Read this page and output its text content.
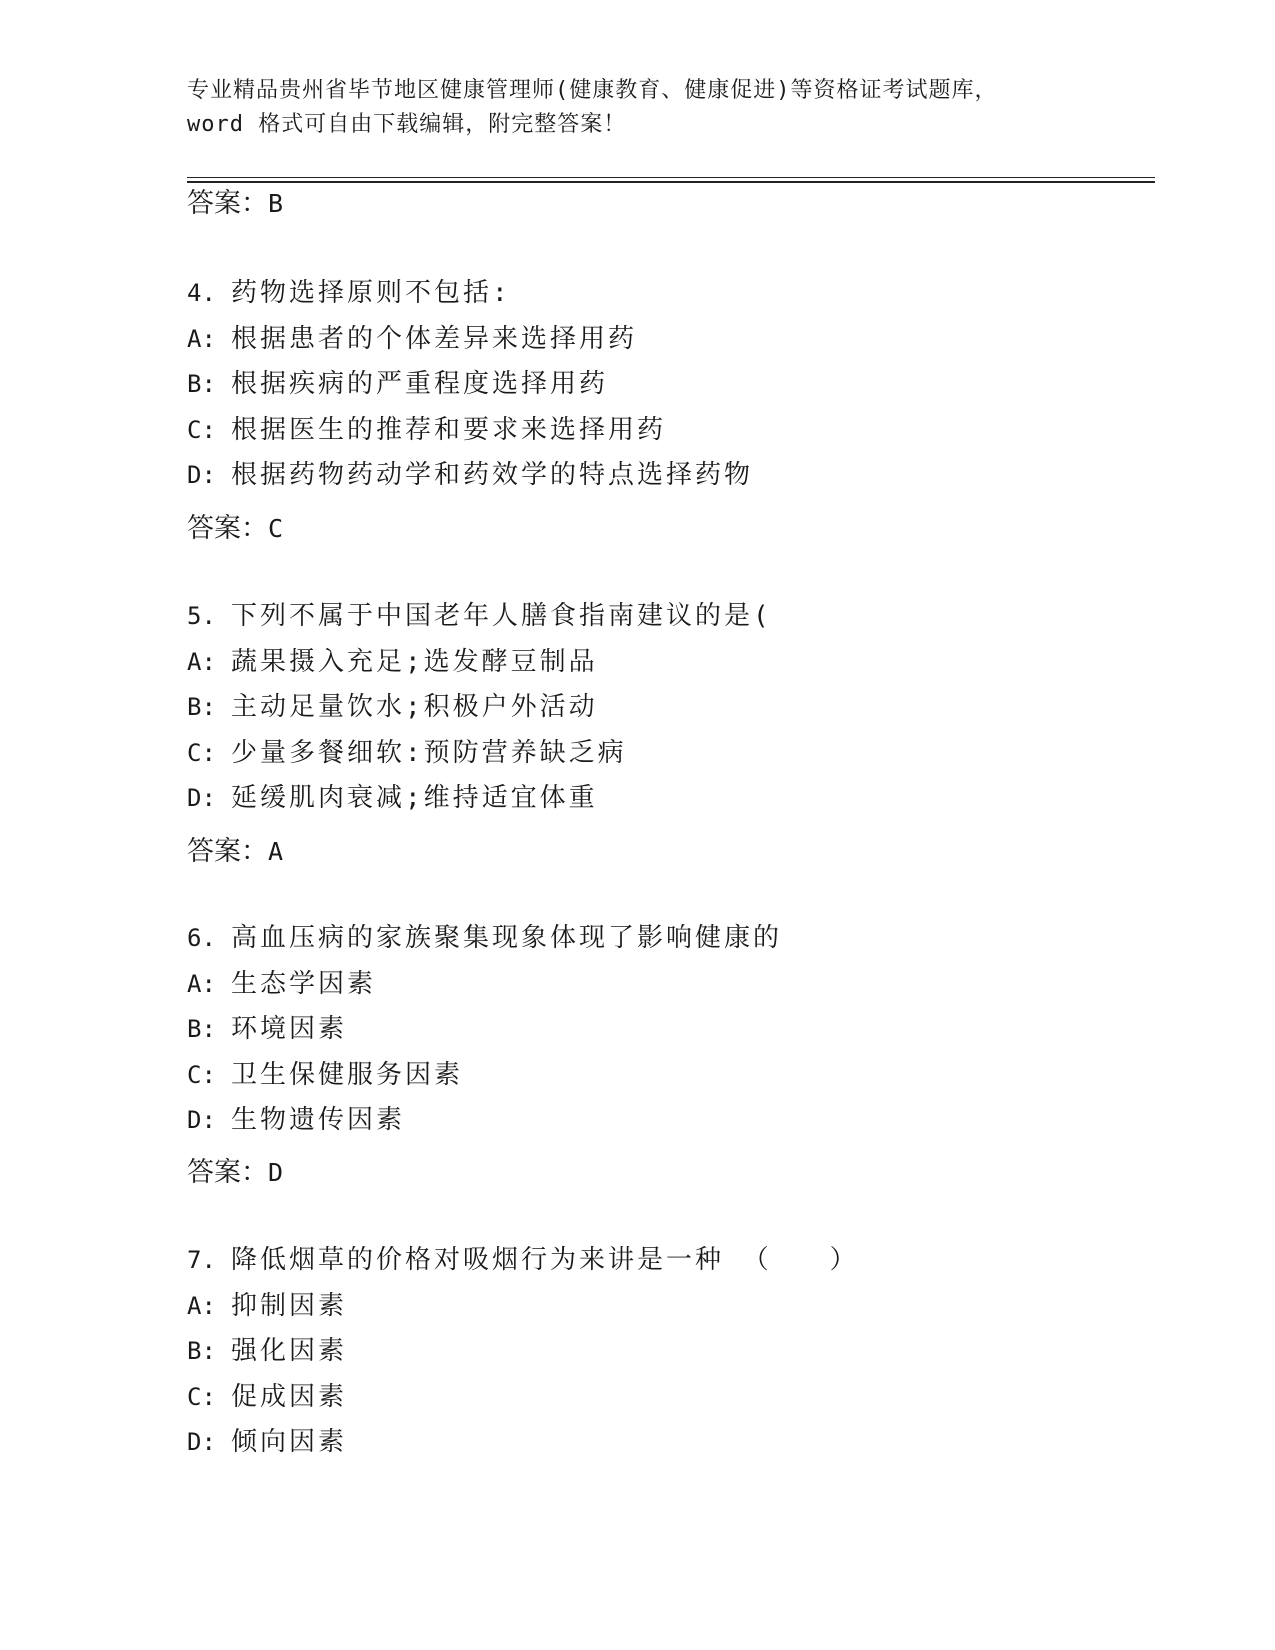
专业精品贵州省毕节地区健康管理师(健康教育、健康促进)等资格证考试题库，
word 格式可自由下载编辑，附完整答案！
答案：B
4. 药物选择原则不包括:
A: 根据患者的个体差异来选择用药
B: 根据疾病的严重程度选择用药
C: 根据医生的推荐和要求来选择用药
D: 根据药物药动学和药效学的特点选择药物
答案：C
5. 下列不属于中国老年人膳食指南建议的是(
A: 蔬果摄入充足;选发酵豆制品
B: 主动足量饮水;积极户外活动
C: 少量多餐细软:预防营养缺乏病
D: 延缓肌肉衰减;维持适宜体重
答案：A
6. 高血压病的家族聚集现象体现了影响健康的
A: 生态学因素
B: 环境因素
C: 卫生保健服务因素
D: 生物遗传因素
答案：D
7. 降低烟草的价格对吸烟行为来讲是一种 （　　）
A: 抑制因素
B: 强化因素
C: 促成因素
D: 倾向因素
